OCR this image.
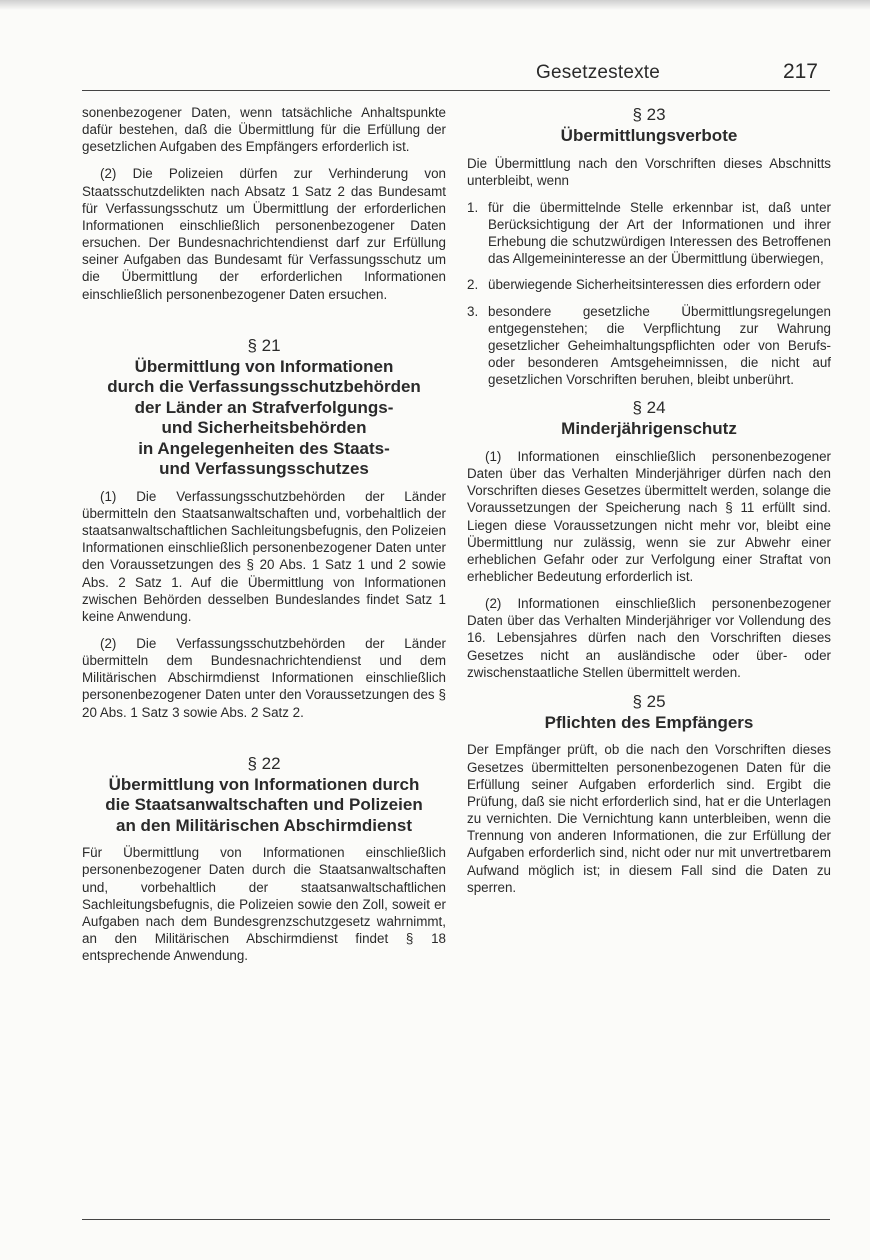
Gesetzestexte	217

sonenbezogener Daten, wenn tatsächliche Anhaltspunkte dafür bestehen, daß die Übermittlung für die Erfüllung der gesetzlichen Aufgaben des Empfängers erforderlich ist.

(2) Die Polizeien dürfen zur Verhinderung von Staatsschutzdelikten nach Absatz 1 Satz 2 das Bundesamt für Verfassungsschutz um Übermittlung der erforderlichen Informationen einschließlich personenbezogener Daten ersuchen. Der Bundesnachrichtendienst darf zur Erfüllung seiner Aufgaben das Bundesamt für Verfassungsschutz um die Übermittlung der erforderlichen Informationen einschließlich personenbezogener Daten ersuchen.

§ 21

Übermittlung von Informationen
durch die Verfassungsschutzbehörden
der Länder an Strafverfolgungs-
und Sicherheitsbehörden
in Angelegenheiten des Staats-
und Verfassungsschutzes

(1) Die Verfassungsschutzbehörden der Länder übermitteln den Staatsanwaltschaften und, vorbehaltlich der staatsanwaltschaftlichen Sachleitungsbefugnis, den Polizeien Informationen einschließlich personenbezogener Daten unter den Voraussetzungen des § 20 Abs. 1 Satz 1 und 2 sowie Abs. 2 Satz 1. Auf die Übermittlung von Informationen zwischen Behörden desselben Bundeslandes findet Satz 1 keine Anwendung.

(2) Die Verfassungsschutzbehörden der Länder übermitteln dem Bundesnachrichtendienst und dem Militärischen Abschirmdienst Informationen einschließlich personenbezogener Daten unter den Voraussetzungen des § 20 Abs. 1 Satz 3 sowie Abs. 2 Satz 2.

§ 22

Übermittlung von Informationen durch
die Staatsanwaltschaften und Polizeien
an den Militärischen Abschirmdienst

Für Übermittlung von Informationen einschließlich personenbezogener Daten durch die Staatsanwaltschaften und, vorbehaltlich der staatsanwaltschaftlichen Sachleitungsbefugnis, die Polizeien sowie den Zoll, soweit er Aufgaben nach dem Bundesgrenzschutzgesetz wahrnimmt, an den Militärischen Abschirmdienst findet § 18 entsprechende Anwendung.

§ 23

Übermittlungsverbote

Die Übermittlung nach den Vorschriften dieses Abschnitts unterbleibt, wenn

1. für die übermittelnde Stelle erkennbar ist, daß unter Berücksichtigung der Art der Informationen und ihrer Erhebung die schutzwürdigen Interessen des Betroffenen das Allgemeininteresse an der Übermittlung überwiegen,
2. überwiegende Sicherheitsinteressen dies erfordern oder
3. besondere gesetzliche Übermittlungsregelungen entgegenstehen; die Verpflichtung zur Wahrung gesetzlicher Geheimhaltungspflichten oder von Berufs- oder besonderen Amtsgeheimnissen, die nicht auf gesetzlichen Vorschriften beruhen, bleibt unberührt.

§ 24

Minderjährigenschutz

(1) Informationen einschließlich personenbezogener Daten über das Verhalten Minderjähriger dürfen nach den Vorschriften dieses Gesetzes übermittelt werden, solange die Voraussetzungen der Speicherung nach § 11 erfüllt sind. Liegen diese Voraussetzungen nicht mehr vor, bleibt eine Übermittlung nur zulässig, wenn sie zur Abwehr einer erheblichen Gefahr oder zur Verfolgung einer Straftat von erheblicher Bedeutung erforderlich ist.

(2) Informationen einschließlich personenbezogener Daten über das Verhalten Minderjähriger vor Vollendung des 16. Lebensjahres dürfen nach den Vorschriften dieses Gesetzes nicht an ausländische oder über- oder zwischenstaatliche Stellen übermittelt werden.

§ 25

Pflichten des Empfängers

Der Empfänger prüft, ob die nach den Vorschriften dieses Gesetzes übermittelten personenbezogenen Daten für die Erfüllung seiner Aufgaben erforderlich sind. Ergibt die Prüfung, daß sie nicht erforderlich sind, hat er die Unterlagen zu vernichten. Die Vernichtung kann unterbleiben, wenn die Trennung von anderen Informationen, die zur Erfüllung der Aufgaben erforderlich sind, nicht oder nur mit unvertretbarem Aufwand möglich ist; in diesem Fall sind die Daten zu sperren.
